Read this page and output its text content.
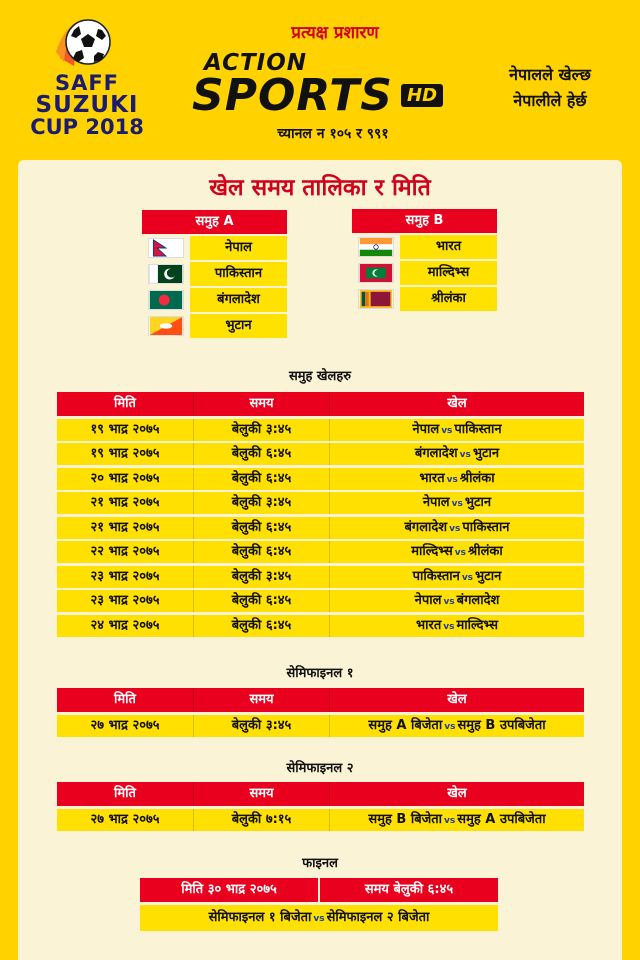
SAFF
SUZUKI
CUP 2018
प्रत्यक्ष प्रशारण
ACTION
SPORTS HD
च्यानल न १०५ र ९९१
नेपालले खेल्छ
नेपालीले हेर्छ
खेल समय तालिका र मिति
समुह A
नेपाल
पाकिस्तान
बंगलादेश
भुटान
समुह B
भारत
माल्दिभ्स
श्रीलंका
समुह खेलहरु
मिति	समय	खेल
१९ भाद्र २०७५	बेलुकी ३:४५	नेपाल vs पाकिस्तान
१९ भाद्र २०७५	बेलुकी ६:४५	बंगलादेश vs भुटान
२० भाद्र २०७५	बेलुकी ६:४५	भारत vs श्रीलंका
२१ भाद्र २०७५	बेलुकी ३:४५	नेपाल vs भुटान
२१ भाद्र २०७५	बेलुकी ६:४५	बंगलादेश vs पाकिस्तान
२२ भाद्र २०७५	बेलुकी ६:४५	माल्दिभ्स vs श्रीलंका
२३ भाद्र २०७५	बेलुकी ३:४५	पाकिस्तान vs भुटान
२३ भाद्र २०७५	बेलुकी ६:४५	नेपाल vs बंगलादेश
२४ भाद्र २०७५	बेलुकी ६:४५	भारत vs माल्दिभ्स
सेमिफाइनल १
मिति	समय	खेल
२७ भाद्र २०७५	बेलुकी ३:४५	समुह A बिजेता vs समुह B उपबिजेता
सेमिफाइनल २
मिति	समय	खेल
२७ भाद्र २०७५	बेलुकी ७:१५	समुह B बिजेता vs समुह A उपबिजेता
फाइनल
मिति ३० भाद्र २०७५	समय बेलुकी ६:४५
सेमिफाइनल १ बिजेता vs सेमिफाइनल २ बिजेता
